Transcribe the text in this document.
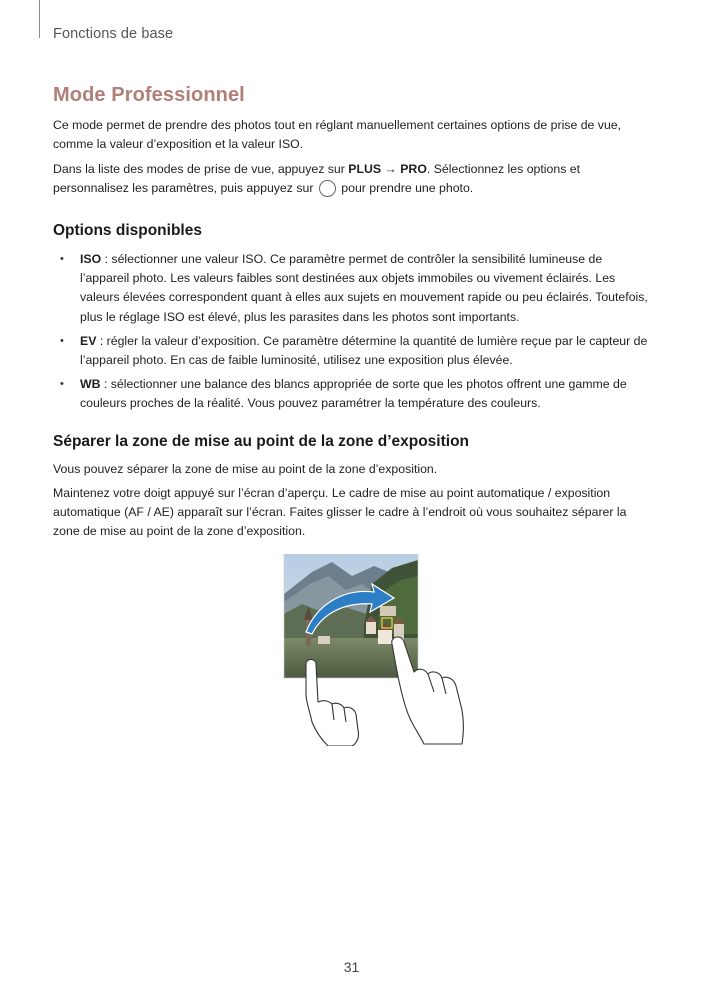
Fonctions de base
Mode Professionnel

Ce mode permet de prendre des photos tout en réglant manuellement certaines options de prise de vue, comme la valeur d’exposition et la valeur ISO.

Dans la liste des modes de prise de vue, appuyez sur PLUS → PRO. Sélectionnez les options et personnalisez les paramètres, puis appuyez sur  pour prendre une photo.

Options disponibles
• ISO : sélectionner une valeur ISO. Ce paramètre permet de contrôler la sensibilité lumineuse de l’appareil photo. Les valeurs faibles sont destinées aux objets immobiles ou vivement éclairés. Les valeurs élevées correspondent quant à elles aux sujets en mouvement rapide ou peu éclairés. Toutefois, plus le réglage ISO est élevé, plus les parasites dans les photos sont importants.
• EV : régler la valeur d’exposition. Ce paramètre détermine la quantité de lumière reçue par le capteur de l’appareil photo. En cas de faible luminosité, utilisez une exposition plus élevée.
• WB : sélectionner une balance des blancs appropriée de sorte que les photos offrent une gamme de couleurs proches de la réalité. Vous pouvez paramétrer la température des couleurs.
Séparer la zone de mise au point de la zone d’exposition

Vous pouvez séparer la zone de mise au point de la zone d’exposition.

Maintenez votre doigt appuyé sur l’écran d’aperçu. Le cadre de mise au point automatique / exposition automatique (AF / AE) apparaît sur l’écran. Faites glisser le cadre à l’endroit où vous souhaitez séparer la zone de mise au point de la zone d’exposition.

31
